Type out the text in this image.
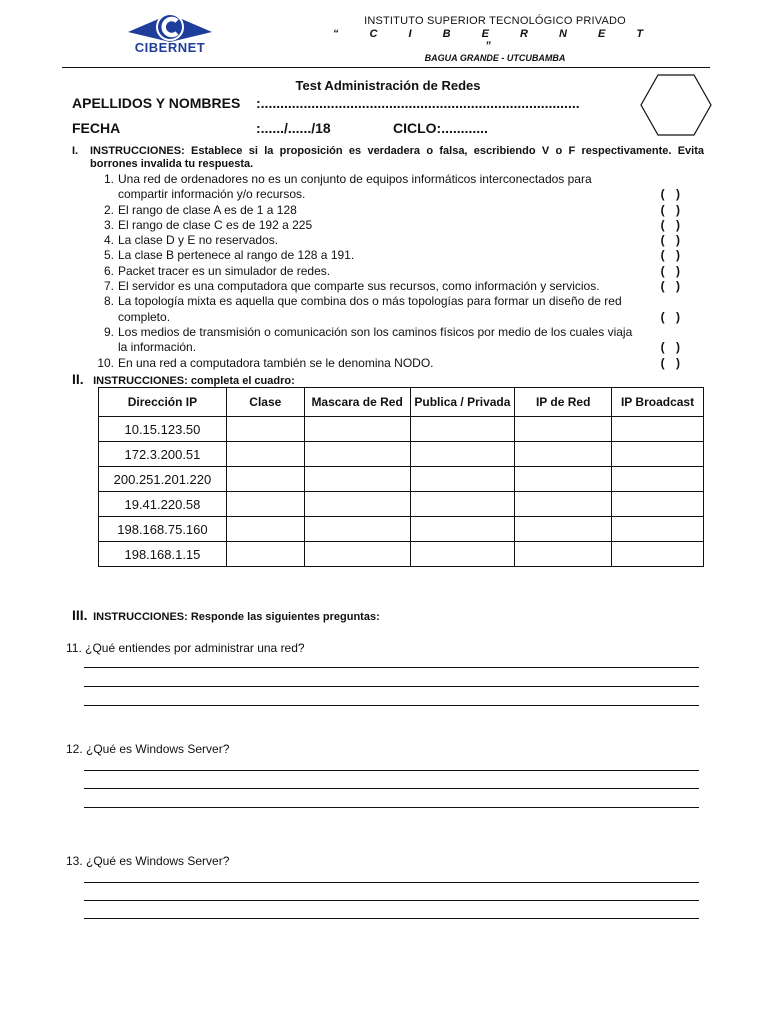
CIBERNET
INSTITUTO SUPERIOR TECNOLÓGICO PRIVADO
“ C I B E R N E T ”
BAGUA GRANDE - UTCUBAMBA
Test Administración de Redes
APELLIDOS Y NOMBRES :..................................................................................
FECHA	:....../....../18	CICLO:............
I.	INSTRUCCIONES: Establece si la proposición es verdadera o falsa, escribiendo V o F respectivamente. Evita borrones invalida tu respuesta.
1. Una red de ordenadores no es un conjunto de equipos informáticos interconectados para compartir información y/o recursos.	( )
2. El rango de clase A es de 1 a 128	( )
3. El rango de clase C es de 192 a 225	( )
4. La clase D y E no reservados.	( )
5. La clase B pertenece al rango de 128 a 191.	( )
6. Packet tracer es un simulador de redes.	( )
7. El servidor es una computadora que comparte sus recursos, como información y servicios.	( )
8. La topología mixta es aquella que combina dos o más topologías para formar un diseño de red completo.	( )
9. Los medios de transmisión o comunicación son los caminos físicos por medio de los cuales viaja la información.	( )
10. En una red a computadora también se le denomina NODO.	( )
II. INSTRUCCIONES: completa el cuadro:
Dirección IP	Clase	Mascara de Red	Publica / Privada	IP de Red	IP Broadcast
10.15.123.50					
172.3.200.51					
200.251.201.220					
19.41.220.58					
198.168.75.160					
198.168.1.15					
III. INSTRUCCIONES: Responde las siguientes preguntas:
11. ¿Qué entiendes por administrar una red?
12. ¿Qué es Windows Server?
13. ¿Qué es Windows Server?
